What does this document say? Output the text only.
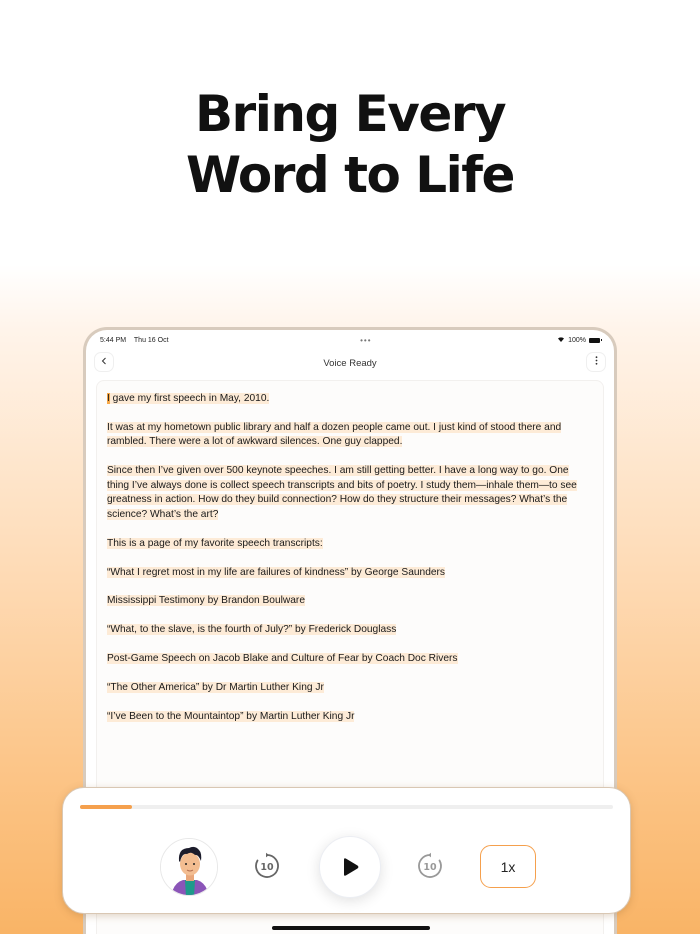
Bring Every
Word to Life
5:44 PM Thu 16 Oct	•••	100%
Voice Ready

I gave my first speech in May, 2010.

It was at my hometown public library and half a dozen people came out. I just kind of stood there and rambled. There were a lot of awkward silences. One guy clapped.

Since then I’ve given over 500 keynote speeches. I am still getting better. I have a long way to go. One thing I’ve always done is collect speech transcripts and bits of poetry. I study them—inhale them—to see greatness in action. How do they build connection? How do they structure their messages? What’s the science? What’s the art?

This is a page of my favorite speech transcripts:

“What I regret most in my life are failures of kindness” by George Saunders

Mississippi Testimony by Brandon Boulware

“What, to the slave, is the fourth of July?” by Frederick Douglass

Post-Game Speech on Jacob Blake and Culture of Fear by Coach Doc Rivers

“The Other America” by Dr Martin Luther King Jr

“I’ve Been to the Mountaintop” by Martin Luther King Jr

10	10	1x
